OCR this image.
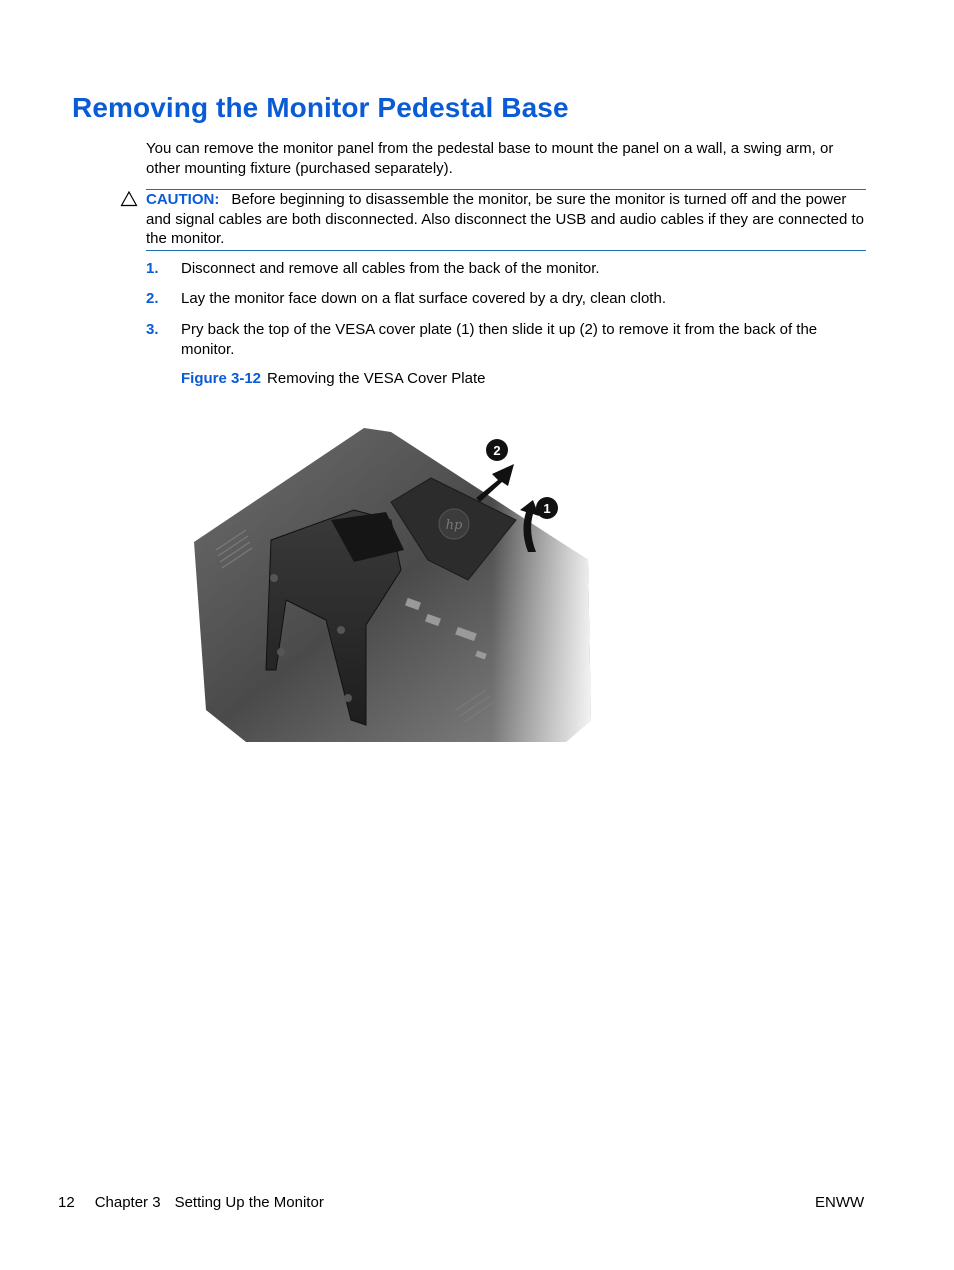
Removing the Monitor Pedestal Base

You can remove the monitor panel from the pedestal base to mount the panel on a wall, a swing arm, or other mounting fixture (purchased separately).

CAUTION: Before beginning to disassemble the monitor, be sure the monitor is turned off and the power and signal cables are both disconnected. Also disconnect the USB and audio cables if they are connected to the monitor.
1. Disconnect and remove all cables from the back of the monitor.
2. Lay the monitor face down on a flat surface covered by a dry, clean cloth.
3. Pry back the top of the VESA cover plate (1) then slide it up (2) to remove it from the back of the monitor.
Figure 3-12 Removing the VESA Cover Plate
hp
2
1
12 Chapter 3 Setting Up the Monitor	ENWW
